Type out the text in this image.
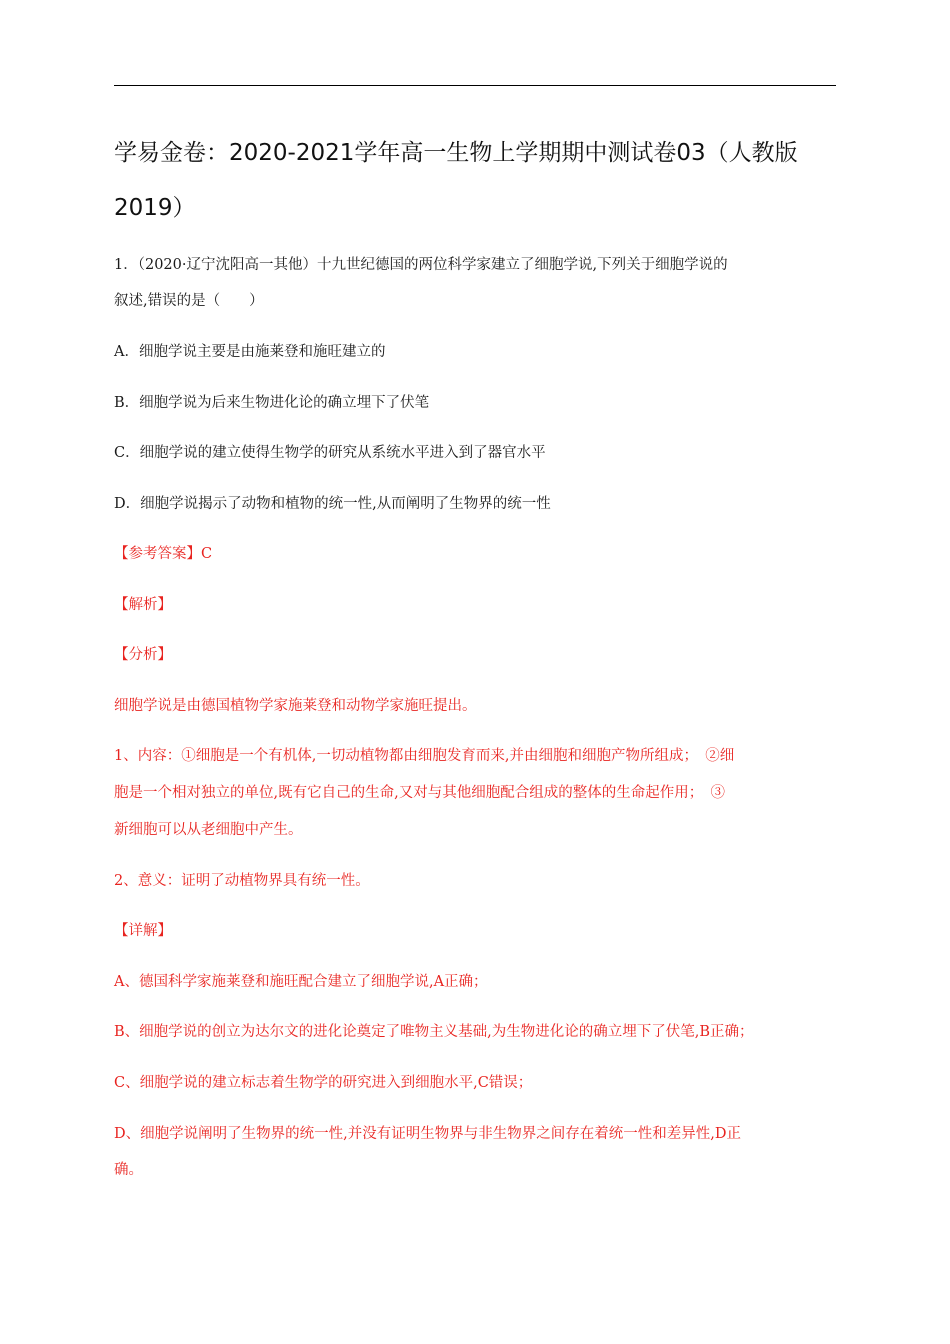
学易金卷：2020-2021学年高一生物上学期期中测试卷03（人教版2019）
1．（2020·辽宁沈阳高一其他）十九世纪德国的两位科学家建立了细胞学说,下列关于细胞学说的
叙述,错误的是（　　）
A．细胞学说主要是由施莱登和施旺建立的
B．细胞学说为后来生物进化论的确立埋下了伏笔
C．细胞学说的建立使得生物学的研究从系统水平进入到了器官水平
D．细胞学说揭示了动物和植物的统一性,从而阐明了生物界的统一性
【参考答案】C
【解析】
【分析】
细胞学说是由德国植物学家施莱登和动物学家施旺提出。
1、内容：①细胞是一个有机体,一切动植物都由细胞发育而来,并由细胞和细胞产物所组成；　②细
胞是一个相对独立的单位,既有它自己的生命,又对与其他细胞配合组成的整体的生命起作用；　③
新细胞可以从老细胞中产生。
2、意义：证明了动植物界具有统一性。
【详解】
A、德国科学家施莱登和施旺配合建立了细胞学说,A正确；
B、细胞学说的创立为达尔文的进化论奠定了唯物主义基础,为生物进化论的确立埋下了伏笔,B正确；
C、细胞学说的建立标志着生物学的研究进入到细胞水平,C错误；
D、细胞学说阐明了生物界的统一性,并没有证明生物界与非生物界之间存在着统一性和差异性,D正
确。
